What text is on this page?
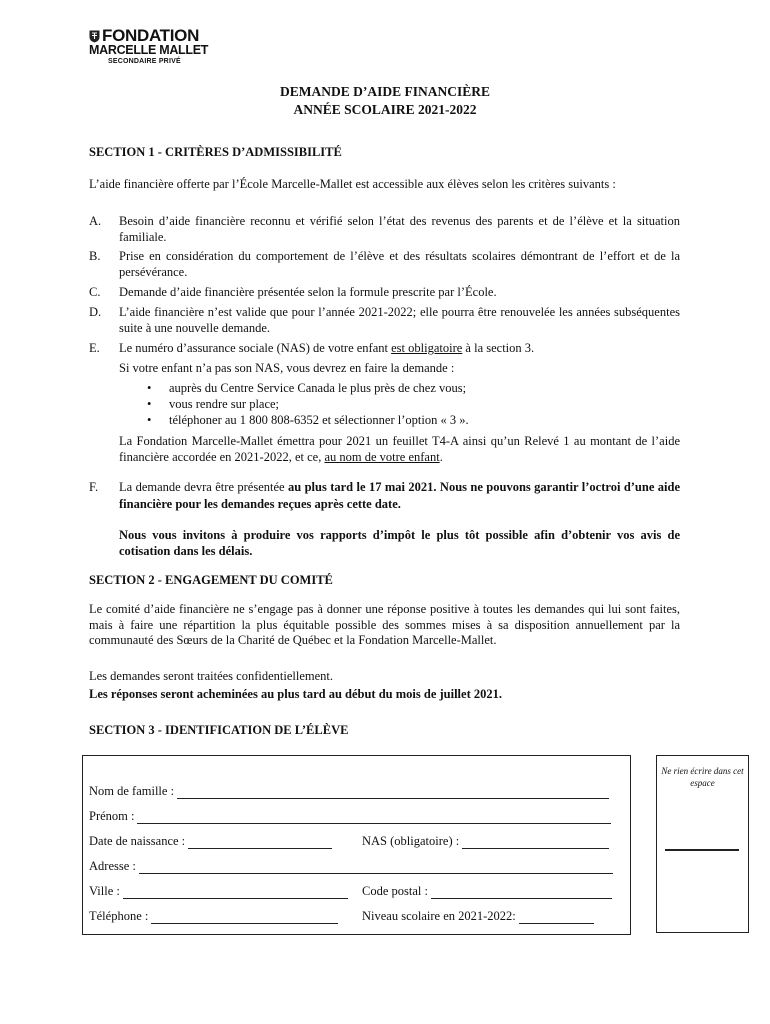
FONDATION
MARCELLE MALLET
SECONDAIRE PRIVÉ
DEMANDE D’AIDE FINANCIÈRE
ANNÉE SCOLAIRE 2021-2022
SECTION 1 - CRITÈRES D’ADMISSIBILITÉ
L’aide financière offerte par l’École Marcelle-Mallet est accessible aux élèves selon les critères suivants :
A.	Besoin d’aide financière reconnu et vérifié selon l’état des revenus des parents et de l’élève et la situation familiale.
B.	Prise en considération du comportement de l’élève et des résultats scolaires démontrant de l’effort et de la persévérance.
C.	Demande d’aide financière présentée selon la formule prescrite par l’École.
D.	L’aide financière n’est valide que pour l’année 2021-2022; elle pourra être renouvelée les années subséquentes suite à une nouvelle demande.
E.	Le numéro d’assurance sociale (NAS) de votre enfant est obligatoire à la section 3.
Si votre enfant n’a pas son NAS, vous devrez en faire la demande :
• auprès du Centre Service Canada le plus près de chez vous;
• vous rendre sur place;
• téléphoner au 1 800 808-6352 et sélectionner l’option « 3 ».
La Fondation Marcelle-Mallet émettra pour 2021 un feuillet T4-A ainsi qu’un Relevé 1 au montant de l’aide financière accordée en 2021-2022, et ce, au nom de votre enfant.
F.	La demande devra être présentée au plus tard le 17 mai 2021. Nous ne pouvons garantir l’octroi d’une aide financière pour les demandes reçues après cette date.
Nous vous invitons à produire vos rapports d’impôt le plus tôt possible afin d’obtenir vos avis de cotisation dans les délais.
SECTION 2 - ENGAGEMENT DU COMITÉ
Le comité d’aide financière ne s’engage pas à donner une réponse positive à toutes les demandes qui lui sont faites, mais à faire une répartition la plus équitable possible des sommes mises à sa disposition annuellement par la communauté des Sœurs de la Charité de Québec et la Fondation Marcelle-Mallet.
Les demandes seront traitées confidentiellement.
Les réponses seront acheminées au plus tard au début du mois de juillet 2021.
SECTION 3 - IDENTIFICATION DE L’ÉLÈVE
Nom de famille :
Prénom :
Date de naissance :	NAS (obligatoire) :
Adresse :
Ville :	Code postal :
Téléphone :	Niveau scolaire en 2021-2022:
Ne rien écrire dans cet espace
